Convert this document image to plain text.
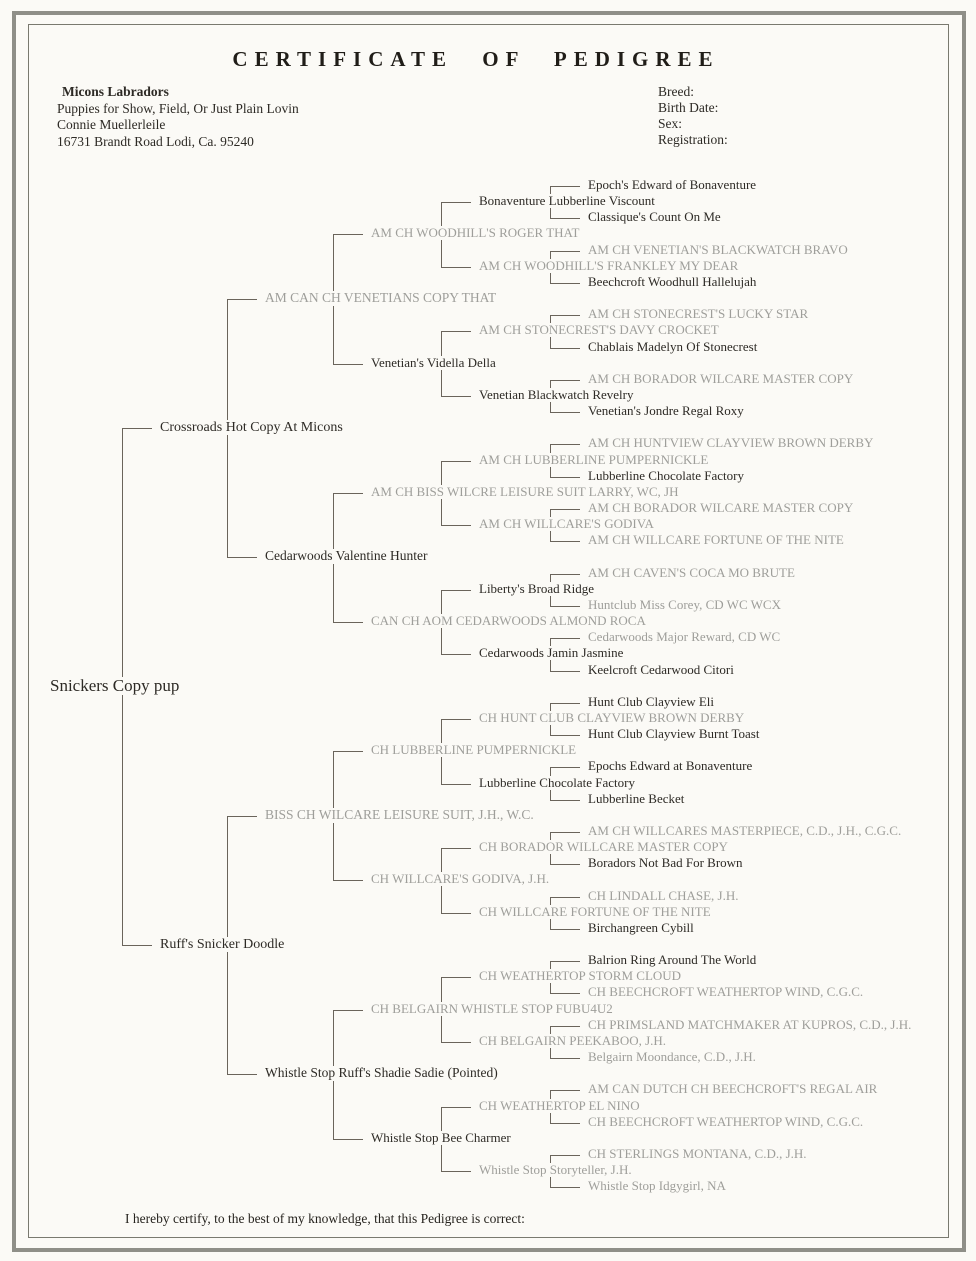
CERTIFICATE OF PEDIGREE
Micons Labradors
Puppies for Show, Field, Or Just Plain Lovin
Connie Muellerleile
16731 Brandt Road Lodi, Ca. 95240
Breed:
Birth Date:
Sex:
Registration:
Epoch's Edward of Bonaventure
Classique's Count On Me
Bonaventure Lubberline Viscount
AM CH VENETIAN'S BLACKWATCH BRAVO
Beechcroft Woodhull Hallelujah
AM CH WOODHILL'S FRANKLEY MY DEAR
AM CH WOODHILL'S ROGER THAT
AM CH STONECREST'S LUCKY STAR
Chablais Madelyn Of Stonecrest
AM CH STONECREST'S DAVY CROCKET
AM CH BORADOR WILCARE MASTER COPY
Venetian's Jondre Regal Roxy
Venetian Blackwatch Revelry
Venetian's Vidella Della
AM CAN CH VENETIANS COPY THAT
AM CH HUNTVIEW CLAYVIEW BROWN DERBY
Lubberline Chocolate Factory
AM CH LUBBERLINE PUMPERNICKLE
AM CH BORADOR WILCARE MASTER COPY
AM CH WILLCARE FORTUNE OF THE NITE
AM CH WILLCARE'S GODIVA
AM CH BISS WILCRE LEISURE SUIT LARRY, WC, JH
AM CH CAVEN'S COCA MO BRUTE
Huntclub Miss Corey, CD WC WCX
Liberty's Broad Ridge
Cedarwoods Major Reward, CD WC
Keelcroft Cedarwood Citori
Cedarwoods Jamin Jasmine
CAN CH AOM CEDARWOODS ALMOND ROCA
Cedarwoods Valentine Hunter
Crossroads Hot Copy At Micons
Hunt Club Clayview Eli
Hunt Club Clayview Burnt Toast
CH HUNT CLUB CLAYVIEW BROWN DERBY
Epochs Edward at Bonaventure
Lubberline Becket
Lubberline Chocolate Factory
CH LUBBERLINE PUMPERNICKLE
AM CH WILLCARES MASTERPIECE, C.D., J.H., C.G.C.
Boradors Not Bad For Brown
CH BORADOR WILLCARE MASTER COPY
CH LINDALL CHASE, J.H.
Birchangreen Cybill
CH WILLCARE FORTUNE OF THE NITE
CH WILLCARE'S GODIVA, J.H.
BISS CH WILCARE LEISURE SUIT, J.H., W.C.
Balrion Ring Around The World
CH BEECHCROFT WEATHERTOP WIND, C.G.C.
CH WEATHERTOP STORM CLOUD
CH PRIMSLAND MATCHMAKER AT KUPROS, C.D., J.H.
Belgairn Moondance, C.D., J.H.
CH BELGAIRN PEEKABOO, J.H.
CH BELGAIRN WHISTLE STOP FUBU4U2
AM CAN DUTCH CH BEECHCROFT'S REGAL AIR
CH BEECHCROFT WEATHERTOP WIND, C.G.C.
CH WEATHERTOP EL NINO
CH STERLINGS MONTANA, C.D., J.H.
Whistle Stop Idgygirl, NA
Whistle Stop Storyteller, J.H.
Whistle Stop Bee Charmer
Whistle Stop Ruff's Shadie Sadie (Pointed)
Ruff's Snicker Doodle
Snickers Copy pup
I hereby certify, to the best of my knowledge, that this Pedigree is correct:
